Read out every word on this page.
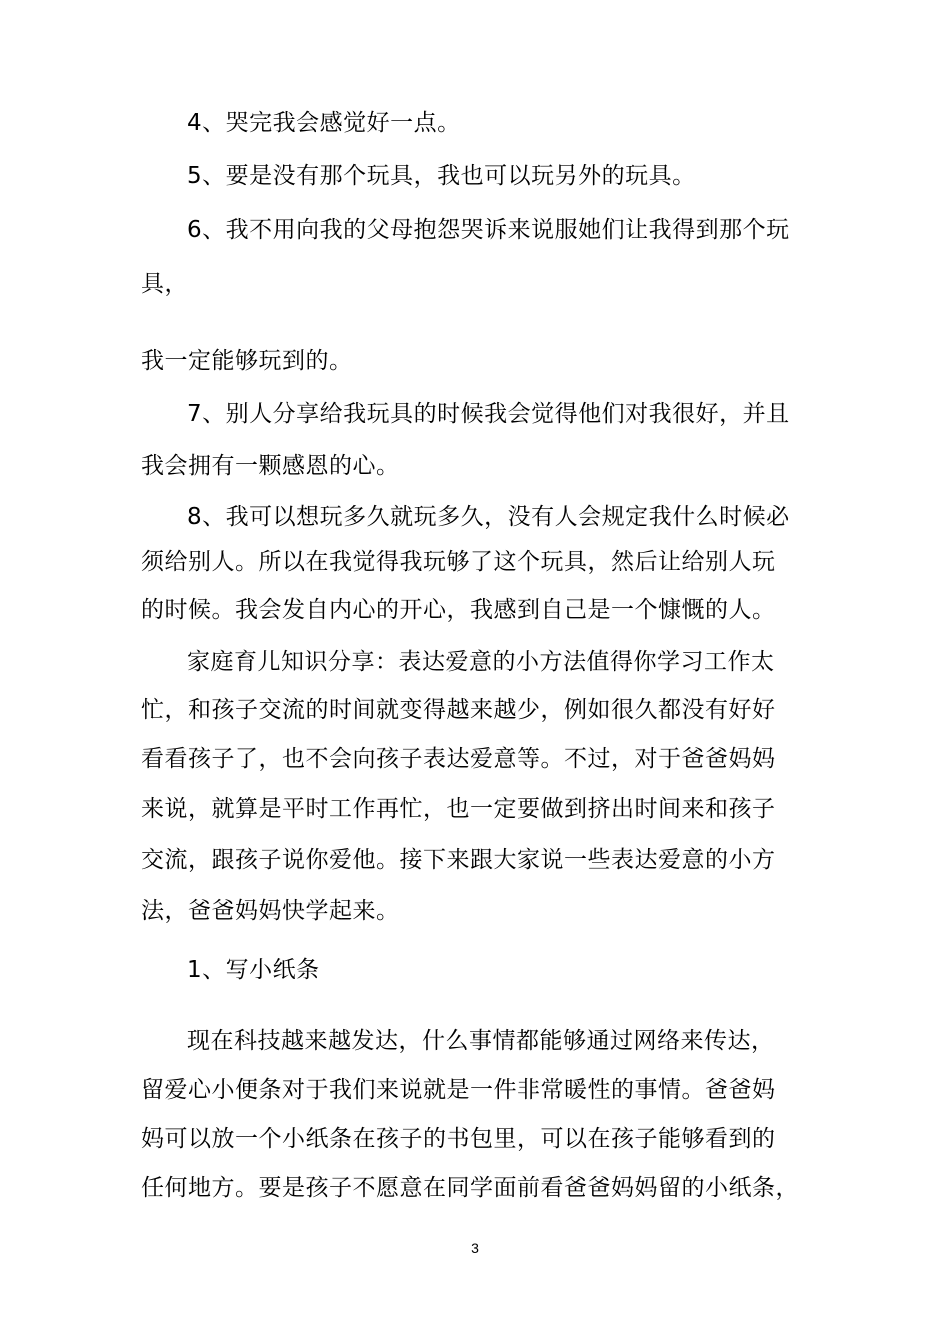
4、哭完我会感觉好一点。
5、要是没有那个玩具，我也可以玩另外的玩具。
6、我不用向我的父母抱怨哭诉来说服她们让我得到那个玩
具，
我一定能够玩到的。
7、别人分享给我玩具的时候我会觉得他们对我很好，并且
我会拥有一颗感恩的心。
8、我可以想玩多久就玩多久，没有人会规定我什么时候必
须给别人。所以在我觉得我玩够了这个玩具，然后让给别人玩
的时候。我会发自内心的开心，我感到自己是一个慷慨的人。
家庭育儿知识分享：表达爱意的小方法值得你学习工作太
忙，和孩子交流的时间就变得越来越少，例如很久都没有好好
看看孩子了，也不会向孩子表达爱意等。不过，对于爸爸妈妈
来说，就算是平时工作再忙，也一定要做到挤出时间来和孩子
交流，跟孩子说你爱他。接下来跟大家说一些表达爱意的小方
法，爸爸妈妈快学起来。
1、写小纸条
现在科技越来越发达，什么事情都能够通过网络来传达，
留爱心小便条对于我们来说就是一件非常暖性的事情。爸爸妈
妈可以放一个小纸条在孩子的书包里，可以在孩子能够看到的
任何地方。要是孩子不愿意在同学面前看爸爸妈妈留的小纸条，
3
